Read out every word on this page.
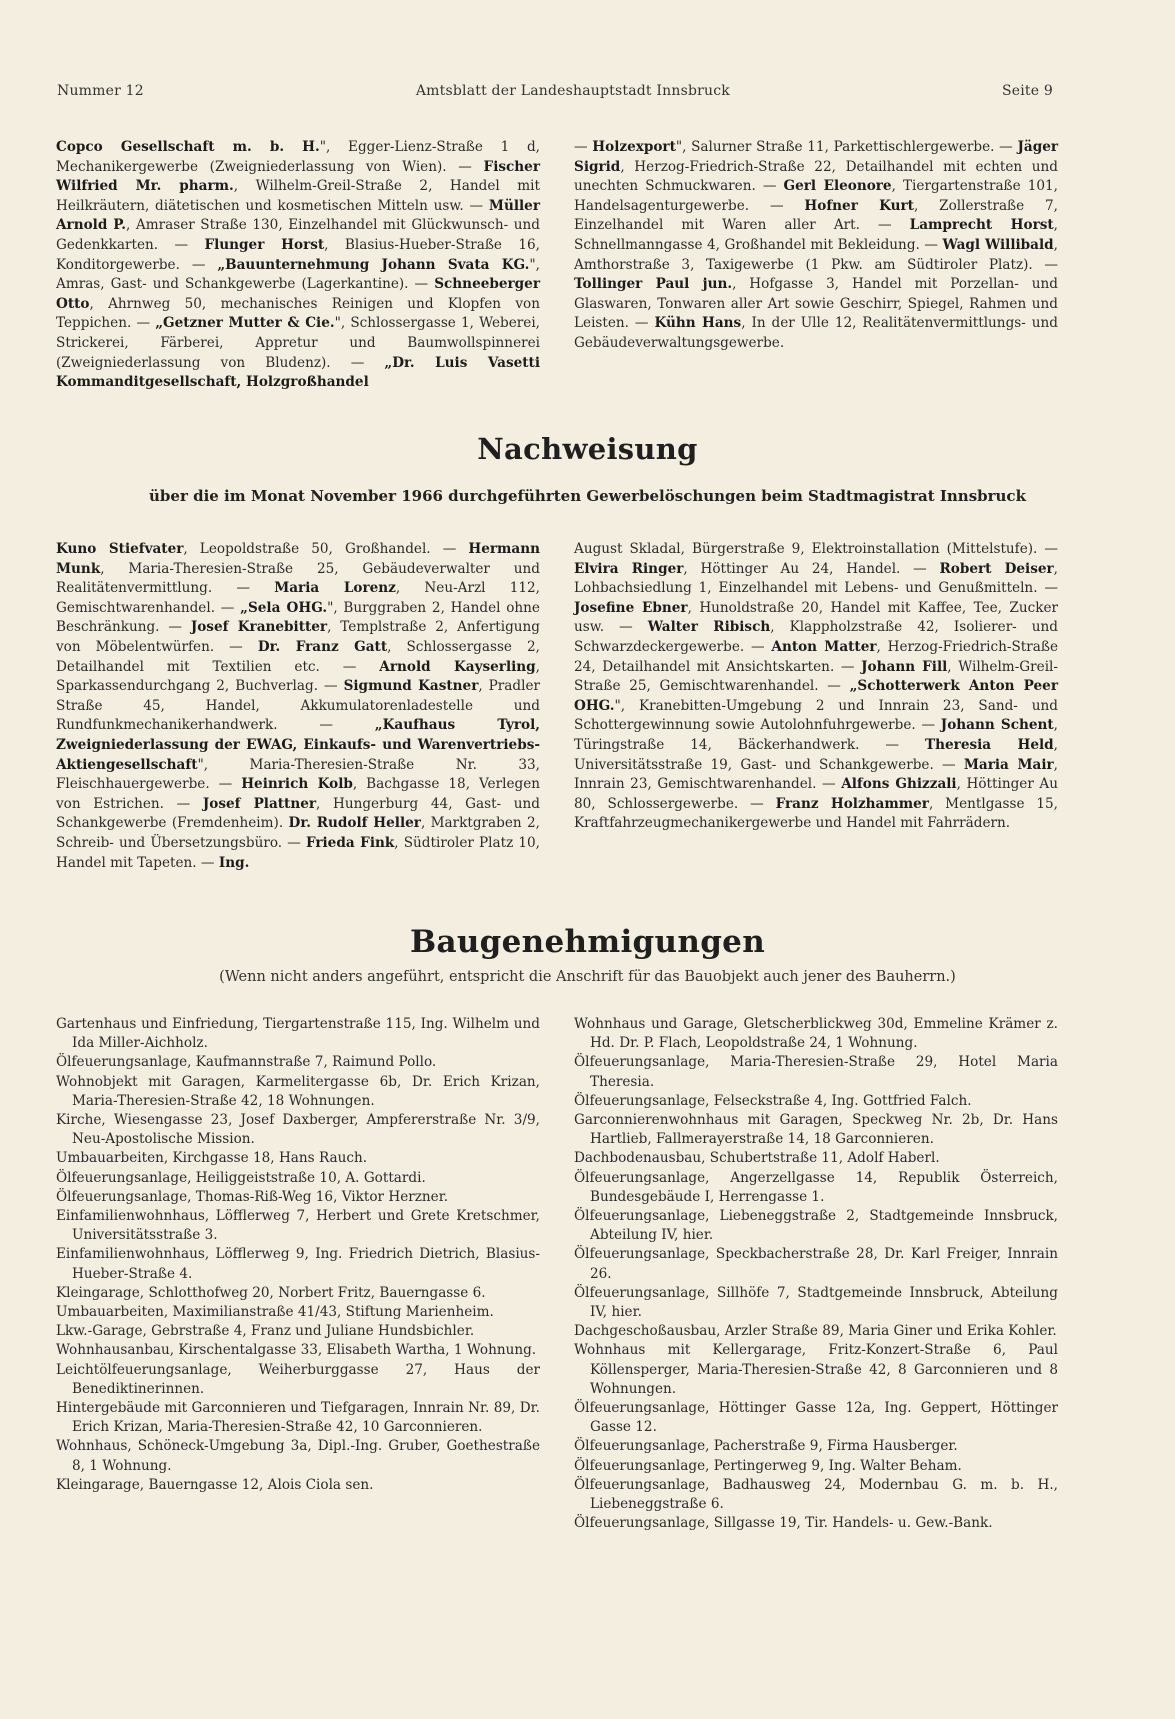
Nummer 12	Amtsblatt der Landeshauptstadt Innsbruck	Seite 9
Copco Gesellschaft m. b. H.", Egger-Lienz-Straße 1 d, Mechanikergewerbe (Zweigniederlassung von Wien). — Fischer Wilfried Mr. pharm., Wilhelm-Greil-Straße 2, Handel mit Heilkräutern, diätetischen und kosmetischen Mitteln usw. — Müller Arnold P., Amraser Straße 130, Einzelhandel mit Glückwunsch- und Gedenkkarten. — Flunger Horst, Blasius-Hueber-Straße 16, Konditorgewerbe. — „Bauunternehmung Johann Svata KG.", Amras, Gast- und Schankgewerbe (Lagerkantine). — Schneeberger Otto, Ahrnweg 50, mechanisches Reinigen und Klopfen von Teppichen. — „Getzner Mutter & Cie.", Schlossergasse 1, Weberei, Strickerei, Färberei, Appretur und Baumwollspinnerei (Zweigniederlassung von Bludenz). — „Dr. Luis Vasetti Kommanditgesellschaft, Holzgroßhandel
— Holzexport", Salurner Straße 11, Parkettischlergewerbe. — Jäger Sigrid, Herzog-Friedrich-Straße 22, Detailhandel mit echten und unechten Schmuckwaren. — Gerl Eleonore, Tiergartenstraße 101, Handelsagenturgewerbe. — Hofner Kurt, Zollerstraße 7, Einzelhandel mit Waren aller Art. — Lamprecht Horst, Schnellmanngasse 4, Großhandel mit Bekleidung. — Wagl Willibald, Amthorstraße 3, Taxigewerbe (1 Pkw. am Südtiroler Platz). — Tollinger Paul jun., Hofgasse 3, Handel mit Porzellan- und Glaswaren, Tonwaren aller Art sowie Geschirr, Spiegel, Rahmen und Leisten. — Kühn Hans, In der Ulle 12, Realitätenvermittlungs- und Gebäudeverwaltungsgewerbe.
Nachweisung
über die im Monat November 1966 durchgeführten Gewerbelöschungen beim Stadtmagistrat Innsbruck
Kuno Stiefvater, Leopoldstraße 50, Großhandel. — Hermann Munk, Maria-Theresien-Straße 25, Gebäudeverwalter und Realitätenvermittlung. — Maria Lorenz, Neu-Arzl 112, Gemischtwarenhandel. — „Sela OHG.", Burggraben 2, Handel ohne Beschränkung. — Josef Kranebitter, Templstraße 2, Anfertigung von Möbelentwürfen. — Dr. Franz Gatt, Schlossergasse 2, Detailhandel mit Textilien etc. — Arnold Kayserling, Sparkassendurchgang 2, Buchverlag. — Sigmund Kastner, Pradler Straße 45, Handel, Akkumulatorenladestelle und Rundfunkmechanikerhandwerk. — „Kaufhaus Tyrol, Zweigniederlassung der EWAG, Einkaufs- und Warenvertriebs-Aktiengesellschaft", Maria-Theresien-Straße Nr. 33, Fleischhauergewerbe. — Heinrich Kolb, Bachgasse 18, Verlegen von Estrichen. — Josef Plattner, Hungerburg 44, Gast- und Schankgewerbe (Fremdenheim). Dr. Rudolf Heller, Marktgraben 2, Schreib- und Übersetzungsbüro. — Frieda Fink, Südtiroler Platz 10, Handel mit Tapeten. — Ing.
August Skladal, Bürgerstraße 9, Elektroinstallation (Mittelstufe). — Elvira Ringer, Höttinger Au 24, Handel. — Robert Deiser, Lohbachsiedlung 1, Einzelhandel mit Lebens- und Genußmitteln. — Josefine Ebner, Hunoldstraße 20, Handel mit Kaffee, Tee, Zucker usw. — Walter Ribisch, Klappholzstraße 42, Isolierer- und Schwarzdeckergewerbe. — Anton Matter, Herzog-Friedrich-Straße 24, Detailhandel mit Ansichtskarten. — Johann Fill, Wilhelm-Greil-Straße 25, Gemischtwarenhandel. — „Schotterwerk Anton Peer OHG.", Kranebitten-Umgebung 2 und Innrain 23, Sand- und Schottergewinnung sowie Autolohnfuhrgewerbe. — Johann Schent, Türingstraße 14, Bäckerhandwerk. — Theresia Held, Universitätsstraße 19, Gast- und Schankgewerbe. — Maria Mair, Innrain 23, Gemischtwarenhandel. — Alfons Ghizzali, Höttinger Au 80, Schlossergewerbe. — Franz Holzhammer, Mentlgasse 15, Kraftfahrzeugmechanikergewerbe und Handel mit Fahrrädern.
Baugenehmigungen
(Wenn nicht anders angeführt, entspricht die Anschrift für das Bauobjekt auch jener des Bauherrn.)
Gartenhaus und Einfriedung, Tiergartenstraße 115, Ing. Wilhelm und Ida Miller-Aichholz.
Ölfeuerungsanlage, Kaufmannstraße 7, Raimund Pollo.
Wohnobjekt mit Garagen, Karmelitergasse 6b, Dr. Erich Krizan, Maria-Theresien-Straße 42, 18 Wohnungen.
Kirche, Wiesengasse 23, Josef Daxberger, Ampfererstraße Nr. 3/9, Neu-Apostolische Mission.
Umbauarbeiten, Kirchgasse 18, Hans Rauch.
Ölfeuerungsanlage, Heiliggeiststraße 10, A. Gottardi.
Ölfeuerungsanlage, Thomas-Riß-Weg 16, Viktor Herzner.
Einfamilienwohnhaus, Löfflerweg 7, Herbert und Grete Kretschmer, Universitätsstraße 3.
Einfamilienwohnhaus, Löfflerweg 9, Ing. Friedrich Dietrich, Blasius-Hueber-Straße 4.
Kleingarage, Schlotthofweg 20, Norbert Fritz, Bauerngasse 6.
Umbauarbeiten, Maximilianstraße 41/43, Stiftung Marienheim.
Lkw.-Garage, Gebrstraße 4, Franz und Juliane Hundsbichler.
Wohnhausanbau, Kirschentalgasse 33, Elisabeth Wartha, 1 Wohnung.
Leichtölfeuerungsanlage, Weiherburggasse 27, Haus der Benediktinerinnen.
Hintergebäude mit Garconnieren und Tiefgaragen, Innrain Nr. 89, Dr. Erich Krizan, Maria-Theresien-Straße 42, 10 Garconnieren.
Wohnhaus, Schöneck-Umgebung 3a, Dipl.-Ing. Gruber, Goethestraße 8, 1 Wohnung.
Kleingarage, Bauerngasse 12, Alois Ciola sen.
Wohnhaus und Garage, Gletscherblickweg 30d, Emmeline Krämer z. Hd. Dr. P. Flach, Leopoldstraße 24, 1 Wohnung.
Ölfeuerungsanlage, Maria-Theresien-Straße 29, Hotel Maria Theresia.
Ölfeuerungsanlage, Felseckstraße 4, Ing. Gottfried Falch.
Garconnierenwohnhaus mit Garagen, Speckweg Nr. 2b, Dr. Hans Hartlieb, Fallmerayerstraße 14, 18 Garconnieren.
Dachbodenausbau, Schubertstraße 11, Adolf Haberl.
Ölfeuerungsanlage, Angerzellgasse 14, Republik Österreich, Bundesgebäude I, Herrengasse 1.
Ölfeuerungsanlage, Liebeneggstraße 2, Stadtgemeinde Innsbruck, Abteilung IV, hier.
Ölfeuerungsanlage, Speckbacherstraße 28, Dr. Karl Freiger, Innrain 26.
Ölfeuerungsanlage, Sillhöfe 7, Stadtgemeinde Innsbruck, Abteilung IV, hier.
Dachgeschoßausbau, Arzler Straße 89, Maria Giner und Erika Kohler.
Wohnhaus mit Kellergarage, Fritz-Konzert-Straße 6, Paul Köllensperger, Maria-Theresien-Straße 42, 8 Garconnieren und 8 Wohnungen.
Ölfeuerungsanlage, Höttinger Gasse 12a, Ing. Geppert, Höttinger Gasse 12.
Ölfeuerungsanlage, Pacherstraße 9, Firma Hausberger.
Ölfeuerungsanlage, Pertingerweg 9, Ing. Walter Beham.
Ölfeuerungsanlage, Badhausweg 24, Modernbau G. m. b. H., Liebeneggstraße 6.
Ölfeuerungsanlage, Sillgasse 19, Tir. Handels- u. Gew.-Bank.
